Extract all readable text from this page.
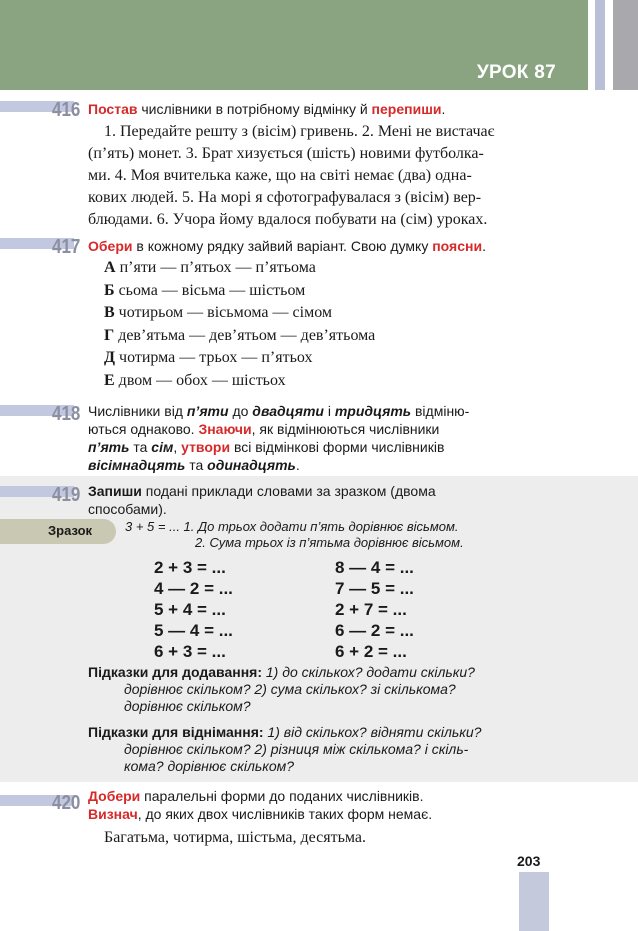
УРОК 87
416 Постав числівники в потрібному відмінку й перепиши.
1. Передайте решту з (вісім) гривень. 2. Мені не вистачає
(п’ять) монет. 3. Брат хизується (шість) новими футболка-
ми. 4. Моя вчителька каже, що на світі немає (два) одна-
кових людей. 5. На морі я сфотографувалася з (вісім) вер-
блюдами. 6. Учора йому вдалося побувати на (сім) уроках.
417 Обери в кожному рядку зайвий варіант. Свою думку поясни.
А п’яти — п’ятьох — п’ятьома
Б сьома — вісьма — шістьом
В чотирьом — вісьмома — сімом
Г дев’ятьма — дев’ятьом — дев’ятьома
Д чотирма — трьох — п’ятьох
Е двом — обох — шістьох
418 Числівники від п’яти до двадцяти і тридцять відміню-
ються однаково. Знаючи, як відмінюються числівники
п’ять та сім, утвори всі відмінкові форми числівників
вісімнадцять та одинадцять.
419 Запиши подані приклади словами за зразком (двома
способами).
Зразок	3 + 5 = ... 1. До трьох додати п’ять дорівнює вісьмом.
2. Сума трьох із п’ятьма дорівнює вісьмом.
2 + 3 = ...
4 — 2 = ...
5 + 4 = ...
5 — 4 = ...
6 + 3 = ...
8 — 4 = ...
7 — 5 = ...
2 + 7 = ...
6 — 2 = ...
6 + 2 = ...
Підказки для додавання: 1) до скількох? додати скільки?
дорівнює скільком? 2) сума скількох? зі скількома?
дорівнює скільком?
Підказки для віднімання: 1) від скількох? відняти скільки?
дорівнює скільком? 2) різниця між скількома? і скіль-
кома? дорівнює скільком?
420 Добери паралельні форми до поданих числівників.
Визнач, до яких двох числівників таких форм немає.
Багатьма, чотирма, шістьма, десятьма.
203
